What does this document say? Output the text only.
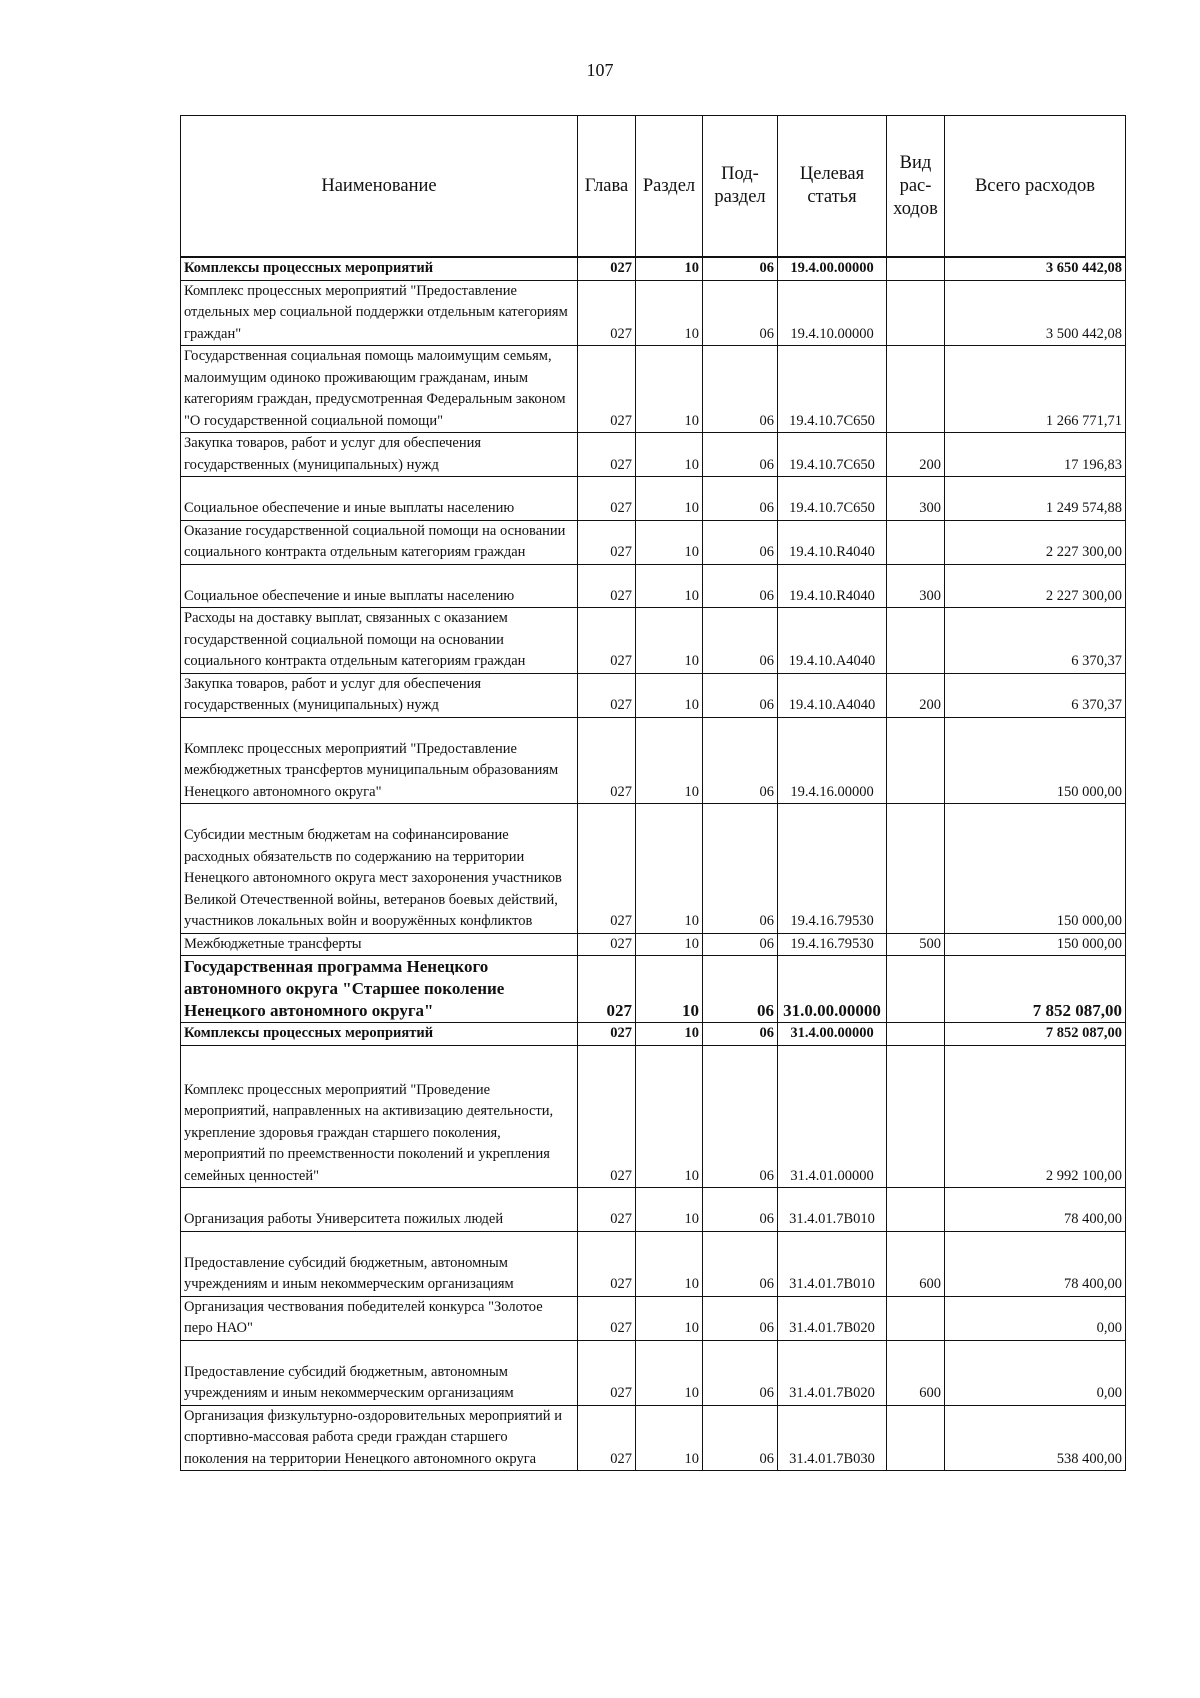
107
Наименование	Глава	Раздел	Под-раздел	Целевая статья	Вид рас-ходов	Всего расходов
Комплексы процессных мероприятий	027	10	06	19.4.00.00000		3 650 442,08
Комплекс процессных мероприятий "Предоставление отдельных мер социальной поддержки отдельным категориям граждан"	027	10	06	19.4.10.00000		3 500 442,08
Государственная социальная помощь малоимущим семьям, малоимущим одиноко проживающим гражданам, иным категориям граждан, предусмотренная Федеральным законом "О государственной социальной помощи"	027	10	06	19.4.10.7С650		1 266 771,71
Закупка товаров, работ и услуг для обеспечения государственных (муниципальных) нужд	027	10	06	19.4.10.7С650	200	17 196,83
Социальное обеспечение и иные выплаты населению	027	10	06	19.4.10.7С650	300	1 249 574,88
Оказание государственной социальной помощи на основании социального контракта отдельным категориям граждан	027	10	06	19.4.10.R4040		2 227 300,00
Социальное обеспечение и иные выплаты населению	027	10	06	19.4.10.R4040	300	2 227 300,00
Расходы на доставку выплат, связанных с оказанием государственной социальной помощи на основании социального контракта отдельным категориям граждан	027	10	06	19.4.10.А4040		6 370,37
Закупка товаров, работ и услуг для обеспечения государственных (муниципальных) нужд	027	10	06	19.4.10.А4040	200	6 370,37
Комплекс процессных мероприятий "Предоставление межбюджетных трансфертов муниципальным образованиям Ненецкого автономного округа"	027	10	06	19.4.16.00000		150 000,00
Субсидии местным бюджетам на софинансирование расходных обязательств по содержанию на территории Ненецкого автономного округа мест захоронения участников Великой Отечественной войны, ветеранов боевых действий, участников локальных войн и вооружённых конфликтов	027	10	06	19.4.16.79530		150 000,00
Межбюджетные трансферты	027	10	06	19.4.16.79530	500	150 000,00
Государственная программа Ненецкого автономного округа "Старшее поколение Ненецкого автономного округа"	027	10	06	31.0.00.00000		7 852 087,00
Комплексы процессных мероприятий	027	10	06	31.4.00.00000		7 852 087,00
Комплекс процессных мероприятий "Проведение мероприятий, направленных на активизацию деятельности, укрепление здоровья граждан старшего поколения, мероприятий по преемственности поколений и укрепления семейных ценностей"	027	10	06	31.4.01.00000		2 992 100,00
Организация работы Университета пожилых людей	027	10	06	31.4.01.7В010		78 400,00
Предоставление субсидий бюджетным, автономным учреждениям и иным некоммерческим организациям	027	10	06	31.4.01.7В010	600	78 400,00
Организация чествования победителей конкурса "Золотое перо НАО"	027	10	06	31.4.01.7В020		0,00
Предоставление субсидий бюджетным, автономным учреждениям и иным некоммерческим организациям	027	10	06	31.4.01.7В020	600	0,00
Организация физкультурно-оздоровительных мероприятий и спортивно-массовая работа среди граждан старшего поколения на территории Ненецкого автономного округа	027	10	06	31.4.01.7В030		538 400,00
